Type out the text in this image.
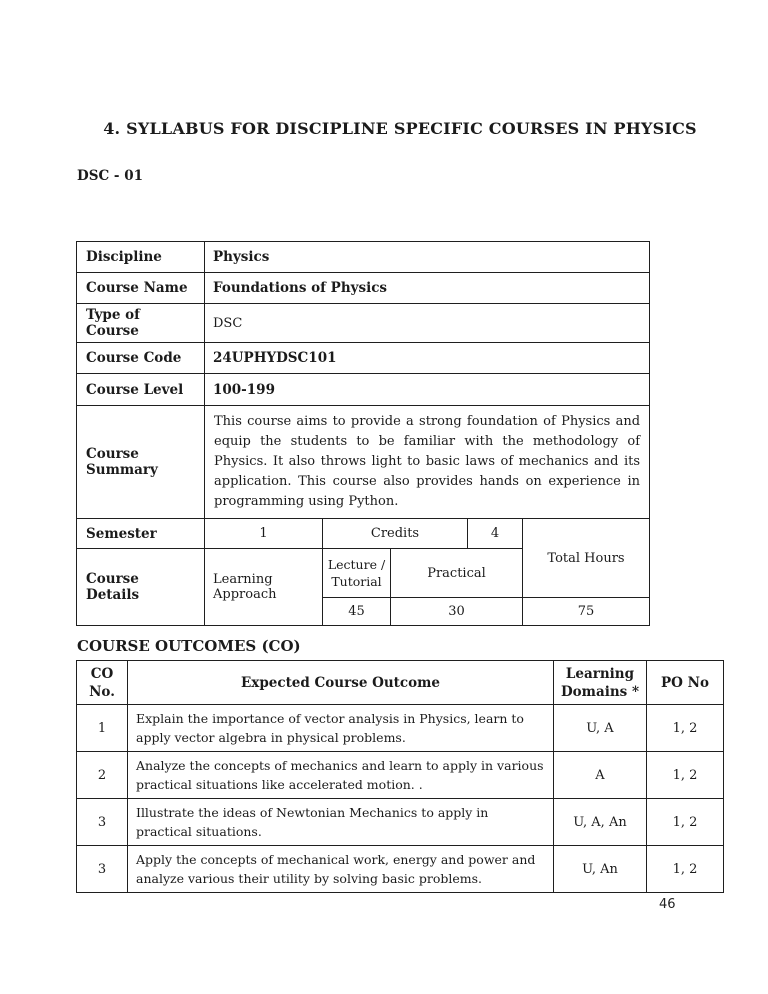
4. SYLLABUS FOR DISCIPLINE SPECIFIC COURSES IN PHYSICS
DSC - 01
Discipline	Physics				
Course Name	Foundations of Physics				
Type of Course	DSC				
Course Code	24UPHYDSC101				
Course Level	100-199				
Course Summary	This course aims to provide a strong foundation of Physics and equip the students to be familiar with the methodology of Physics. It also throws light to basic laws of mechanics and its application. This course also provides hands on experience in programming using Python.				
Semester	1	Credits		4	Total Hours
Course Details	Learning Approach	Lecture / Tutorial	Practical		
		45	30		75
COURSE OUTCOMES (CO)
CO No.	Expected Course Outcome	Learning Domains *	PO No
1	Explain the importance of vector analysis in Physics, learn to apply vector algebra in physical problems.	U, A	1, 2
2	Analyze the concepts of mechanics and learn to apply in various practical situations like accelerated motion. .	A	1, 2
3	Illustrate the ideas of Newtonian Mechanics to apply in practical situations.	U, A, An	1, 2
3	Apply the concepts of mechanical work, energy and power and analyze various their utility by solving basic problems.	U, An	1, 2
46
